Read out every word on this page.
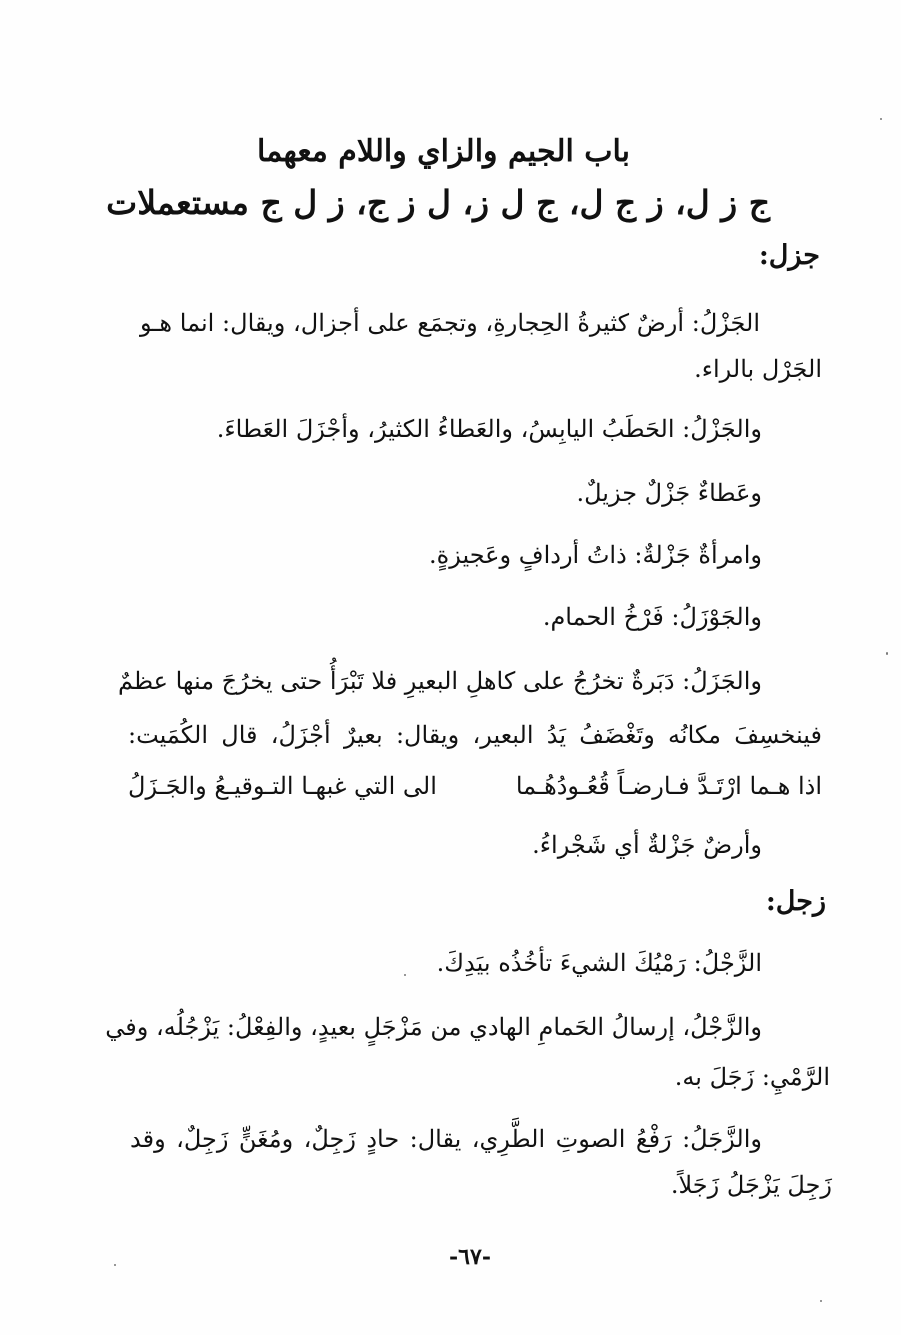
باب الجيم والزاي واللام معهما
ج ز ل، ز ج ل، ج ل ز، ل ز ج، ز ل ج مستعملات
جزل:
الجَزْلُ: أرضٌ كثيرةُ الحِجارةِ، وتجمَع على أجزال، ويقال: انما هـو
الجَرْل بالراء.
والجَزْلُ: الحَطَبُ اليابِسُ، والعَطاءُ الكثيرُ، وأجْزَلَ العَطاءَ.
وعَطاءٌ جَزْلٌ جزيلٌ.
وامرأةٌ جَزْلةٌ: ذاتُ أردافٍ وعَجيزةٍ.
والجَوْزَلُ: فَرْخُ الحمام.
والجَزَلُ: دَبَرةٌ تخرُجُ على كاهلِ البعيرِ فلا تَبْرَأُ حتى يخرُجَ منها عظمٌ
فينخسِفَ مكانُه وتَغْضَفُ يَدُ البعير، ويقال: بعيرٌ أجْزَلُ، قال الكُمَيت:
اذا هـما ارْتَـدَّ فـارضـاً قُعُـودُهُـما
الى التي غبهـا التـوقيـعُ والجَـزَلُ
وأرضٌ جَزْلةٌ أي شَجْراءُ.
زجل:
الزَّجْلُ: رَمْيُكَ الشيءَ تأخُذُه بيَدِكَ.
والزَّجْلُ، إرسالُ الحَمامِ الهادي من مَزْجَلٍ بعيدٍ، والفِعْلُ: يَزْجُلُه، وفي
الرَّمْيِ: زَجَلَ به.
والزَّجَلُ: رَفْعُ الصوتِ الطَّرِي، يقال: حادٍ زَجِلٌ، ومُغَنٍّ زَجِلٌ، وقد
زَجِلَ يَزْجَلُ زَجَلاً.
-٦٧-
